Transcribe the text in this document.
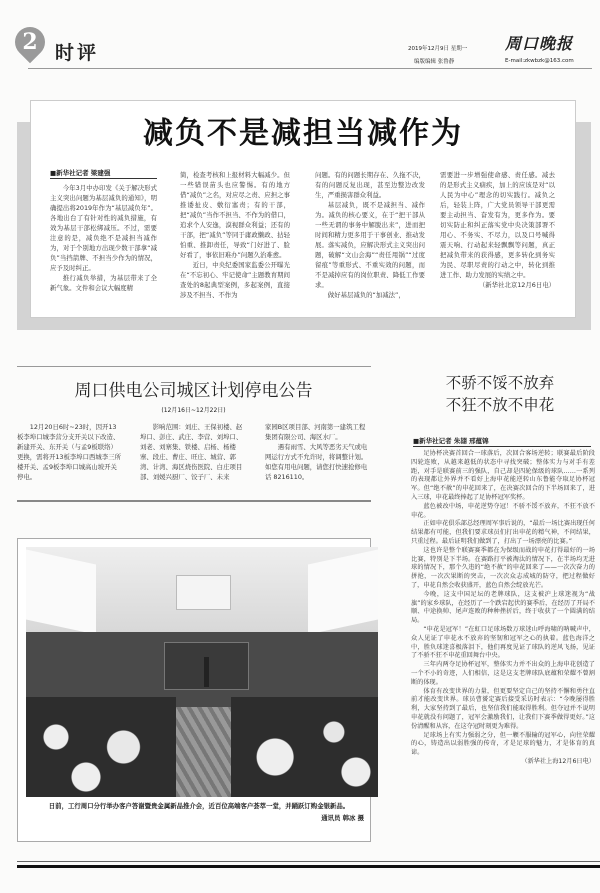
2 时评	2019年12月9日 星期一
编版编辑 张鲁静
周口晚报
E-mail:zkwbzk@163.com
减负不是减担当减作为
■新华社记者 梁建强

今年3月中办印发《关于解决形式主义突出问题为基层减负的通知》，明确提出将2019年作为“基层减负年”。各地出台了有针对性的减负措施，有效为基层干部松绑减压。不过，需要注意的是，减负绝不是减担当减作为，对于个别地方出现少数干部拿“减负”当挡箭牌、不担当少作为的情况，应予及时纠正。

推行减负举措，为基层带来了全新气象。文件和会议大幅度精

简，检查考核和上报材料大幅减少。但一些错误苗头也应警惕。有的地方借“减负”之名，对应尽之责、应担之事推诿扯皮、敷衍塞责；有的干部，把“减负”当作不担当、不作为的借口，追求个人安逸，漠视群众利益；还有的干部，把“减负”等同于庸政懒政、拈轻怕重、推卸责任，导致“门好进了、脸好看了，事依旧难办”问题久治难愈。

近日，中央纪委国家监委公开曝光在“不忘初心、牢记使命”主题教育期间查处的8起典型案例，多起案例，直接涉及不担当、不作为

问题。有的问题长期存在、久拖不决，有的问题反复出现，甚至边整边改发生，严重损害群众利益。

基层减负，既不是减担当、减作为。减负的核心要义，在于“把干部从一些无谓的事务中解脱出来”，进而把时间和精力更多用于干事创业、推动发展。落实减负，应解决形式主义突出问题，破解“文山会海”“责任甩锅”“过度留痕”等重形式、不重实效的问题，而不是减掉应有的岗位职责、降低工作要求。

做好基层减负的“加减法”，

需要进一步增强使命感、责任感。减去的是形式主义痼疾，加上的应该是对“以人民为中心”理念的切实践行。减负之后，轻装上阵，广大党员领导干部更需要主动担当、奋发有为，更多作为。要切实防止和纠正落实党中央决策部署不用心、不务实、不尽力，以及口号喊得震天响、行动起来轻飘飘等问题，真正把减负带来的获得感，更多转化到务实为民、尽职尽责的行动之中，转化到推进工作、助力发展的实绩之中。

（新华社北京12月6日电）

周口供电公司城区计划停电公告
(12月16日~12月22日)

12月20日6时~23时，因开13板李埠口城李营分支开关以下改造、新建开关、东开关（与孟9板联络）更换，需将开13板李埠口西城李三所楼开关、孟9板李埠口城高山坡开关停电。

影响范围：刘庄、王保初楼、赵埠口、彭庄、武庄、李营、刘埠口、刘老、刘寨集、铁楼、启杨、杨楼寨、段庄、曹庄、旺庄、城营、郭湾、计湾、海区烧伤医院、白庄项目部、刘媛兴厨厂、饺子厂、未来

家园B区项目部、河南第一建筑工程集团有限公司、海区水厂。

遇有雨雪、大风等恶劣天气或电网运行方式不允许时，将调整计划。如您有用电问题，请您打快速抢修电话 8216110。

日前，工行周口分行举办客户答谢暨贵金属新品推介会，近百位高端客户荟萃一堂，并踊跃订购金银新品。
通讯员 韩冰 摄
不骄不馁不放弃
不狂不放不申花
■新华社记者 朱翃 邢蕴锦

足协杯决赛首回合一球落后，次回合客场逆转；联赛最后阶段四轮连败，从越来越低的状态中寻找突破；整体实力与对手有差距，对手是联赛前三的强队，自己却是四轮保级的球队……一系列的表现都让外界并不看好上海申花能逆转山东鲁能夺取足协杯冠军。但“绝不赦”的申花回来了，在决赛次回合的下半场回来了，进入三球，申花最终捧起了足协杯冠军奖杯。

蓝色被改中场，申花逆势夺冠！不骄不馁不放弃，不狂不放不申花。

正如申花俱乐部总经理周军事后说的，“最后一场比赛出现任何结果都有可能，但我们要求球员们打出申花的精气神，不问结果，只重过程。最后证明我们做到了，打出了一场漂亮的比赛。”

这也许是整个联赛赛季都在为保级而战的申花打得最好的一场比赛，特别是下半场。在赛路打平被淘汰的情况下，在半场均无进球的情况下，那个久违的“绝不赦”的申花回来了——一次次奋力的拼抢，一次次果断的突击，一次次众志成城的防守，把过程做好了，申花自然会收获盛开，蓝色自然会绽放光芒。

今晚，这支中国足坛的老牌球队，这支被沪上球迷视为“战旗”的家乡球队，在经历了一个跌宕起伏的赛季后，在经历了开局不顺、中途换帅、尾声连败的种种挫折后，终于收获了一个圆满的结局。

“申花是冠军！”在虹口足球场数万球迷山呼海啸的呐喊声中，众人见证了申花永不放弃的坚韧和冠军之心的执着。蓝色海洋之中，胜负球迷喜极落泪下，他们再度见证了球队的逆风飞扬，见证了不骄不狂不申花重回舞台中央。

三年内两夺足协杯冠军，整体实力并不出众的上海申花创造了一个不小的奇迹，人们相信，这是这支老牌球队底蕴和荣耀不曾割断的体现。

体育有改变世界的力量，但更要坚定自己的坚持不懈和勇往直前才能改变世界。球员曹赟定赛后接受采访时表示：“今晚屡得胜利，大家坚持到了最后，也坚信我们能取得胜利。但夺冠并不说明申花就没有问题了，冠军会激励我们，让我们下赛季做得更好。”这份清醒和从容，在这夺冠时刻更为难得。

足球场上有实力强弱之分，但一颗不服输的冠军心，向往荣耀的心，铸造出以弱胜强的传奇，才是足球的魅力，才是体育的真谛。

（新华社上海12月6日电）
